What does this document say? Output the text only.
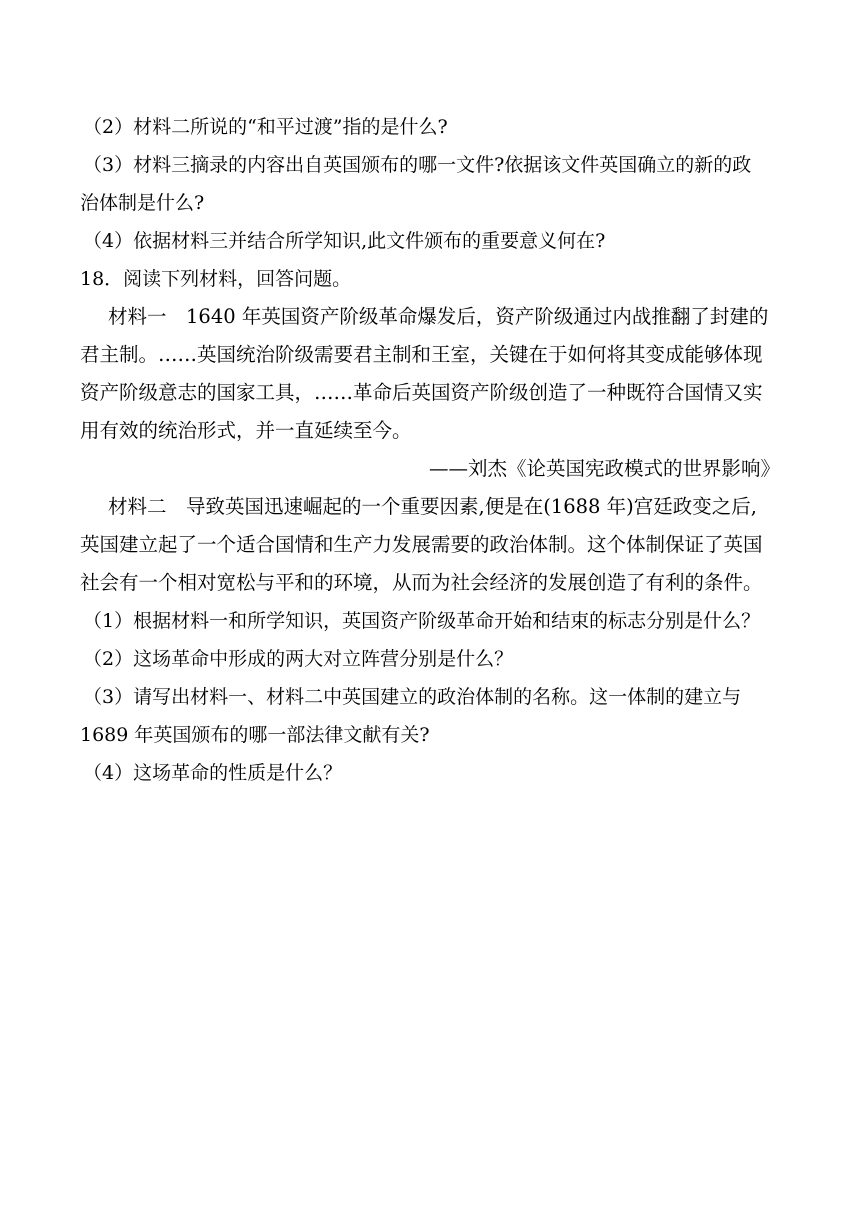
（2）材料二所说的“和平过渡”指的是什么?
（3）材料三摘录的内容出自英国颁布的哪一文件?依据该文件英国确立的新的政
治体制是什么?
（4）依据材料三并结合所学知识,此文件颁布的重要意义何在?
18．阅读下列材料，回答问题。
材料一　1640 年英国资产阶级革命爆发后，资产阶级通过内战推翻了封建的
君主制。……英国统治阶级需要君主制和王室，关键在于如何将其变成能够体现
资产阶级意志的国家工具，……革命后英国资产阶级创造了一种既符合国情又实
用有效的统治形式，并一直延续至今。
——刘杰《论英国宪政模式的世界影响》
材料二　导致英国迅速崛起的一个重要因素,便是在(1688 年)宫廷政变之后,
英国建立起了一个适合国情和生产力发展需要的政治体制。这个体制保证了英国
社会有一个相对宽松与平和的环境，从而为社会经济的发展创造了有利的条件。
（1）根据材料一和所学知识，英国资产阶级革命开始和结束的标志分别是什么？
（2）这场革命中形成的两大对立阵营分别是什么？
（3）请写出材料一、材料二中英国建立的政治体制的名称。这一体制的建立与
1689 年英国颁布的哪一部法律文献有关?
（4）这场革命的性质是什么？
